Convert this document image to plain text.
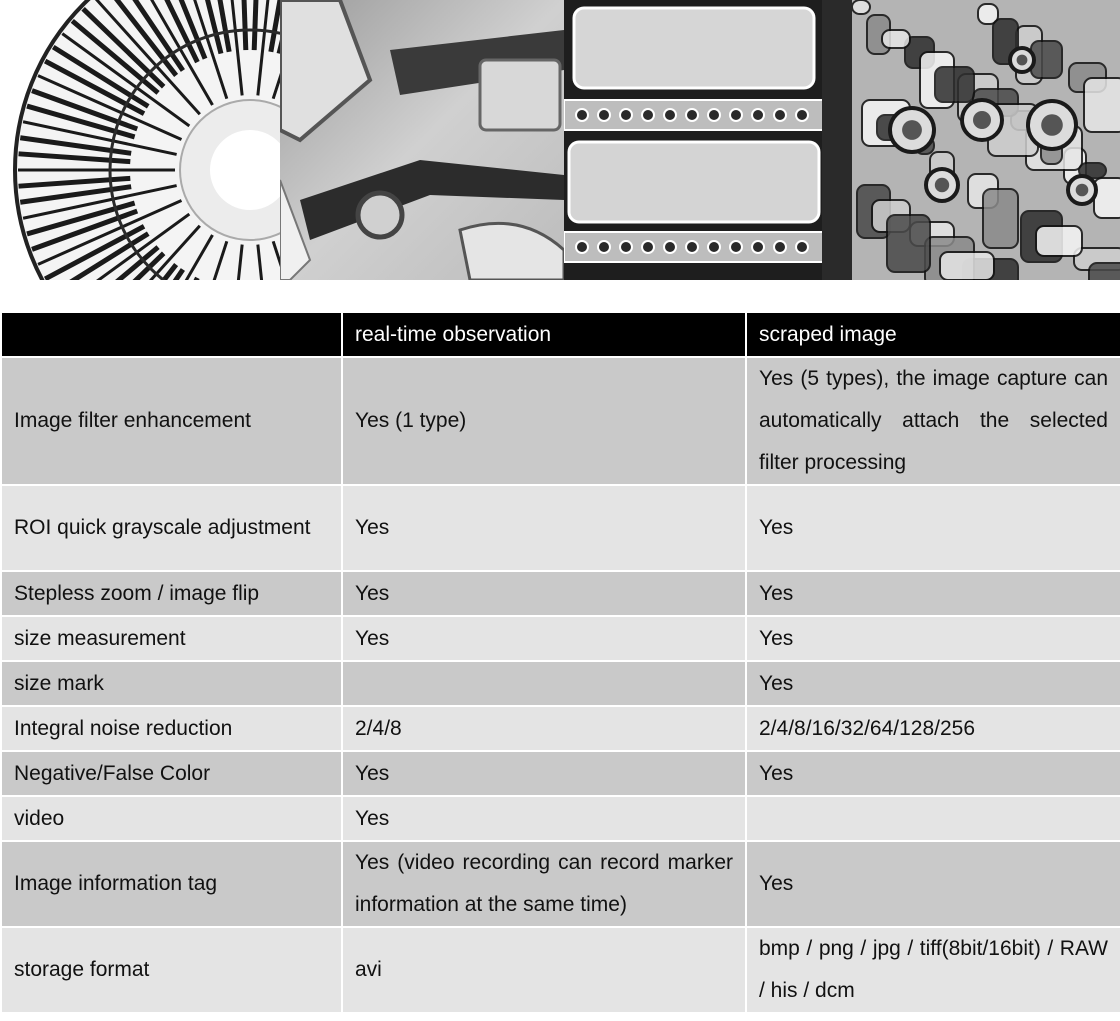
	real-time observation	scraped image
Image filter enhancement	Yes (1 type)	Yes (5 types), the image capture can automatically attach the selected filter processing
ROI quick grayscale adjustment	Yes	Yes
Stepless zoom / image flip	Yes	Yes
size measurement	Yes	Yes
size mark		Yes
Integral noise reduction	2/4/8	2/4/8/16/32/64/128/256
Negative/False Color	Yes	Yes
video	Yes	
Image information tag	Yes (video recording can record marker information at the same time)	Yes
storage format	avi	bmp / png / jpg / tiff(8bit/16bit) / RAW / his / dcm
